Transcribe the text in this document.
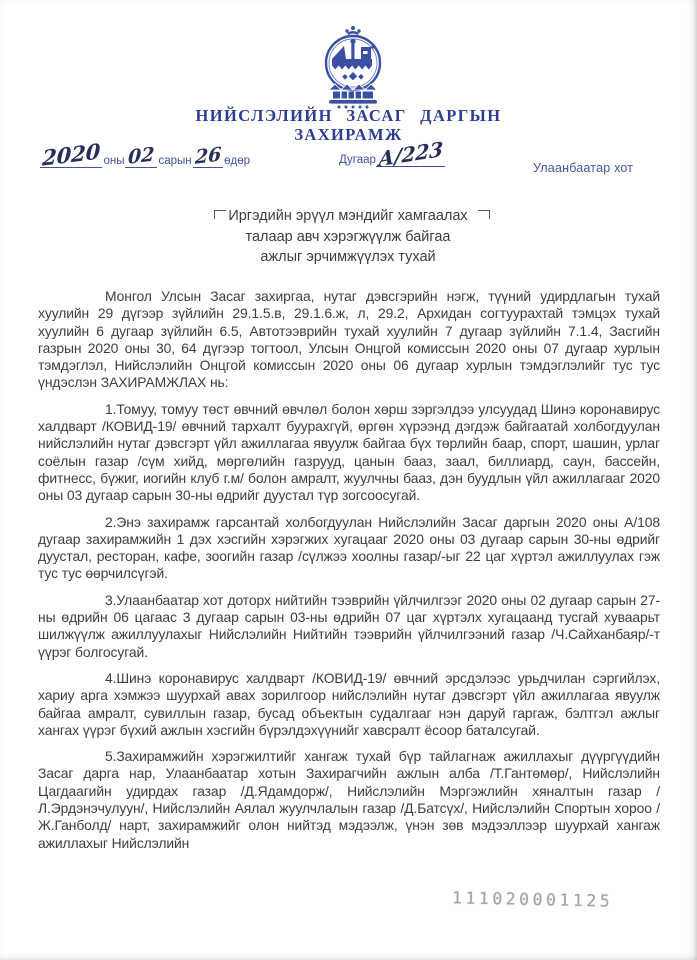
НИЙСЛЭЛИЙН ЗАСАГ ДАРГЫН
ЗАХИРАМЖ
2020 оны 02 сарын 26 өдөр	Дугаар А/223	Улаанбаатар хот
Иргэдийн эрүүл мэндийг хамгаалах
талаар авч хэрэгжүүлж байгаа
ажлыг эрчимжүүлэх тухай

Монгол Улсын Засаг захиргаа, нутаг дэвсгэрийн нэгж, түүний удирдлагын тухай хуулийн 29 дүгээр зүйлийн 29.1.5.в, 29.1.6.ж, л, 29.2, Архидан согтуурахтай тэмцэх тухай хуулийн 6 дугаар зүйлийн 6.5, Автотээврийн тухай хуулийн 7 дугаар зүйлийн 7.1.4, Засгийн газрын 2020 оны 30, 64 дүгээр тогтоол, Улсын Онцгой комиссын 2020 оны 07 дугаар хурлын тэмдэглэл, Нийслэлийн Онцгой комиссын 2020 оны 06 дугаар хурлын тэмдэглэлийг тус тус үндэслэн ЗАХИРАМЖЛАХ нь:

1.Томуу, томуу төст өвчний өвчлөл болон хөрш зэргэлдээ улсуудад Шинэ коронавирус халдварт /КОВИД-19/ өвчний тархалт буурахгүй, өргөн хүрээнд дэгдэж байгаатай холбогдуулан нийслэлийн нутаг дэвсгэрт үйл ажиллагаа явуулж байгаа бүх төрлийн баар, спорт, шашин, урлаг соёлын газар /сүм хийд, мөргөлийн газрууд, цанын бааз, заал, биллиард, саун, бассейн, фитнесс, бүжиг, иогийн клуб г.м/ болон амралт, жуулчны бааз, дэн буудлын үйл ажиллагааг 2020 оны 03 дугаар сарын 30-ны өдрийг дуустал түр зогсоосугай.

2.Энэ захирамж гарсантай холбогдуулан Нийслэлийн Засаг даргын 2020 оны А/108 дугаар захирамжийн 1 дэх хэсгийн хэрэгжих хугацааг 2020 оны 03 дугаар сарын 30-ны өдрийг дуустал, ресторан, кафе, зоогийн газар /сүлжээ хоолны газар/-ыг 22 цаг хүртэл ажиллуулах гэж тус тус өөрчилсүгэй.

3.Улаанбаатар хот доторх нийтийн тээврийн үйлчилгээг 2020 оны 02 дугаар сарын 27-ны өдрийн 06 цагаас 3 дугаар сарын 03-ны өдрийн 07 цаг хүртэлх хугацаанд тусгай хуваарьт шилжүүлж ажиллуулахыг Нийслэлийн Нийтийн тээврийн үйлчилгээний газар /Ч.Сайханбаяр/-т үүрэг болгосугай.

4.Шинэ коронавирус халдварт /КОВИД-19/ өвчний эрсдэлээс урьдчилан сэргийлэх, хариу арга хэмжээ шуурхай авах зорилгоор нийслэлийн нутаг дэвсгэрт үйл ажиллагаа явуулж байгаа амралт, сувиллын газар, бусад объектын судалгааг нэн даруй гаргаж, бэлтгэл ажлыг хангах үүрэг бүхий ажлын хэсгийн бүрэлдэхүүнийг хавсралт ёсоор баталсугай.

5.Захирамжийн хэрэгжилтийг хангаж тухай бүр тайлагнаж ажиллахыг дүүргүүдийн Засаг дарга нар, Улаанбаатар хотын Захирагчийн ажлын алба /Т.Гантөмөр/, Нийслэлийн Цагдаагийн удирдах газар /Д.Ядамдорж/, Нийслэлийн Мэргэжлийн хяналтын газар /Л.Эрдэнэчулуун/, Нийслэлийн Аялал жуулчлалын газар /Д.Батсүх/, Нийслэлийн Спортын хороо /Ж.Ганболд/ нарт, захирамжийг олон нийтэд мэдээлж, үнэн зөв мэдээллээр шуурхай хангаж ажиллахыг Нийслэлийн

111020001125
